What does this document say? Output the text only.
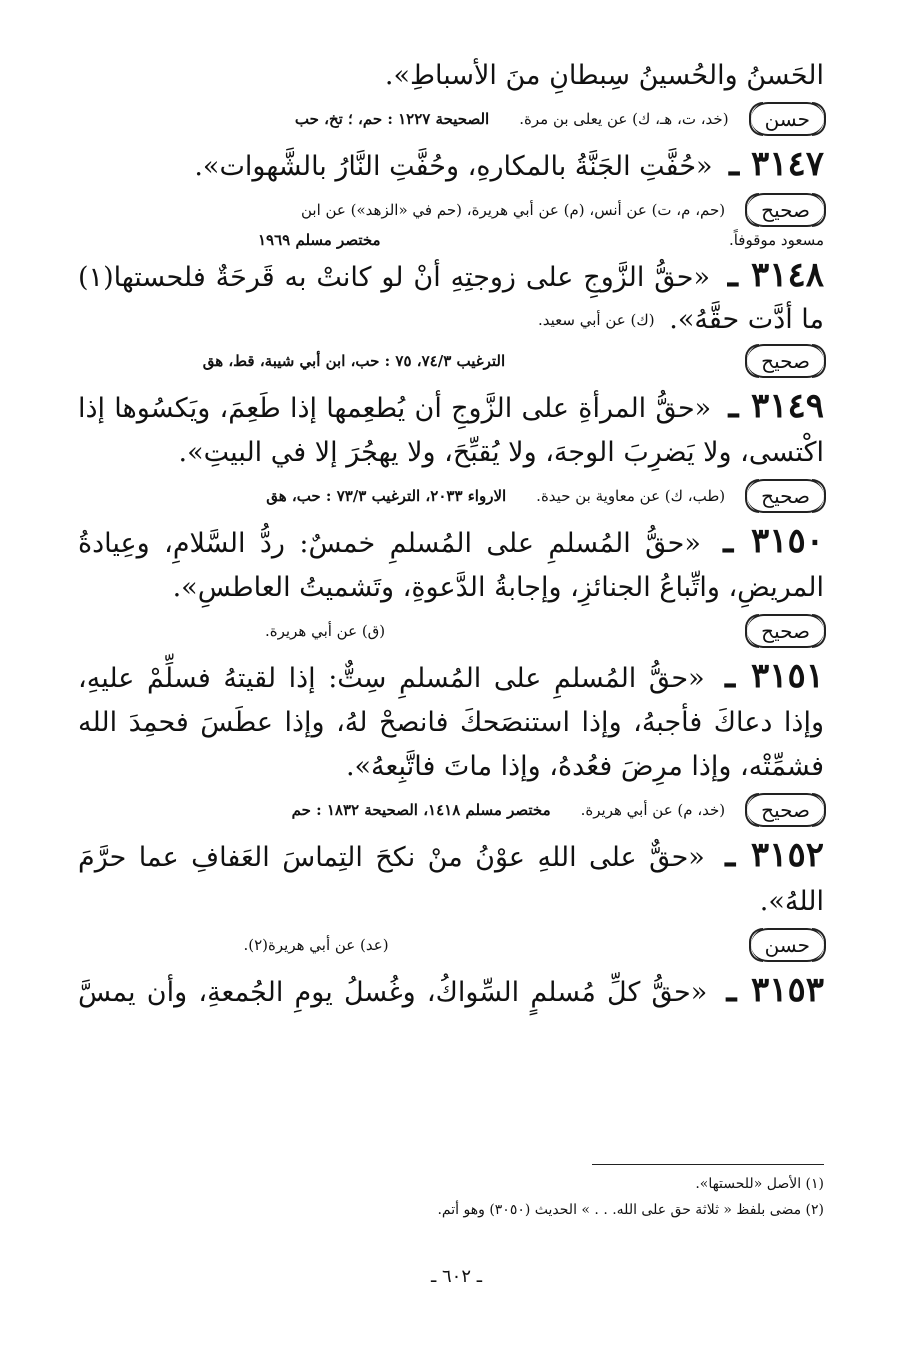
الحَسنُ والحُسينُ سِبطانِ منَ الأسباطِ».
حسن
(خد، ت، هـ، ك) عن يعلى بن مرة.
الصحيحة ١٢٢٧ : حم، ؛ تخ، حب
٣١٤٧ ـ «حُفَّتِ الجَنَّةُ بالمكارهِ، وحُفَّتِ النَّارُ بالشَّهوات».
صحيح
(حم، م، ت) عن أنس، (م) عن أبي هريرة، (حم في «الزهد») عن ابن
مسعود موقوفاً.
مختصر مسلم ١٩٦٩
٣١٤٨ ـ «حقُّ الزَّوجِ على زوجتِهِ أنْ لو كانتْ به قَرحَةٌ فلحستها(١)
ما أدَّت حقَّهُ».
(ك) عن أبي سعيد.
صحيح
الترغيب ٧٤/٣، ٧٥ : حب، ابن أبي شيبة، قط، هق
٣١٤٩ ـ «حقُّ المرأةِ على الزَّوجِ أن يُطعِمها إذا طَعِمَ، ويَكسُوها إذا
اكْتسى، ولا يَضرِبَ الوجهَ، ولا يُقبِّحَ، ولا يهجُرَ إلا في البيتِ».
صحيح
(طب، ك) عن معاوية بن حيدة.
الارواء ٢٠٣٣، الترغيب ٧٣/٣ : حب، هق
٣١٥٠ ـ «حقُّ المُسلمِ على المُسلمِ خمسٌ: ردُّ السَّلامِ، وعِيادةُ
المريضِ، واتِّباعُ الجنائزِ، وإجابةُ الدَّعوةِ، وتَشميتُ العاطسِ».
صحيح
(ق) عن أبي هريرة.
٣١٥١ ـ «حقُّ المُسلمِ على المُسلمِ سِتٌّ: إذا لقيتهُ فسلِّمْ عليهِ،
وإذا دعاكَ فأجبهُ، وإذا استنصَحكَ فانصحْ لهُ، وإذا عطَسَ فحمِدَ الله
فشمِّتْه، وإذا مرِضَ فعُدهُ، وإذا ماتَ فاتَّبِعهُ».
صحيح
(خد، م) عن أبي هريرة.
مختصر مسلم ١٤١٨، الصحيحة ١٨٣٢ : حم
٣١٥٢ ـ «حقٌّ على اللهِ عوْنُ منْ نكحَ التِماسَ العَفافِ عما حرَّمَ
اللهُ».
حسن
(عد) عن أبي هريرة(٢).
٣١٥٣ ـ «حقُّ كلِّ مُسلمٍ السِّواكُ، وغُسلُ يومِ الجُمعةِ، وأن يمسَّ
(١) الأصل «للحستها».
(٢) مضى بلفظ « ثلاثة حق على الله. . . » الحديث (٣٠٥٠) وهو أتم.
ـ ٦٠٢ ـ
